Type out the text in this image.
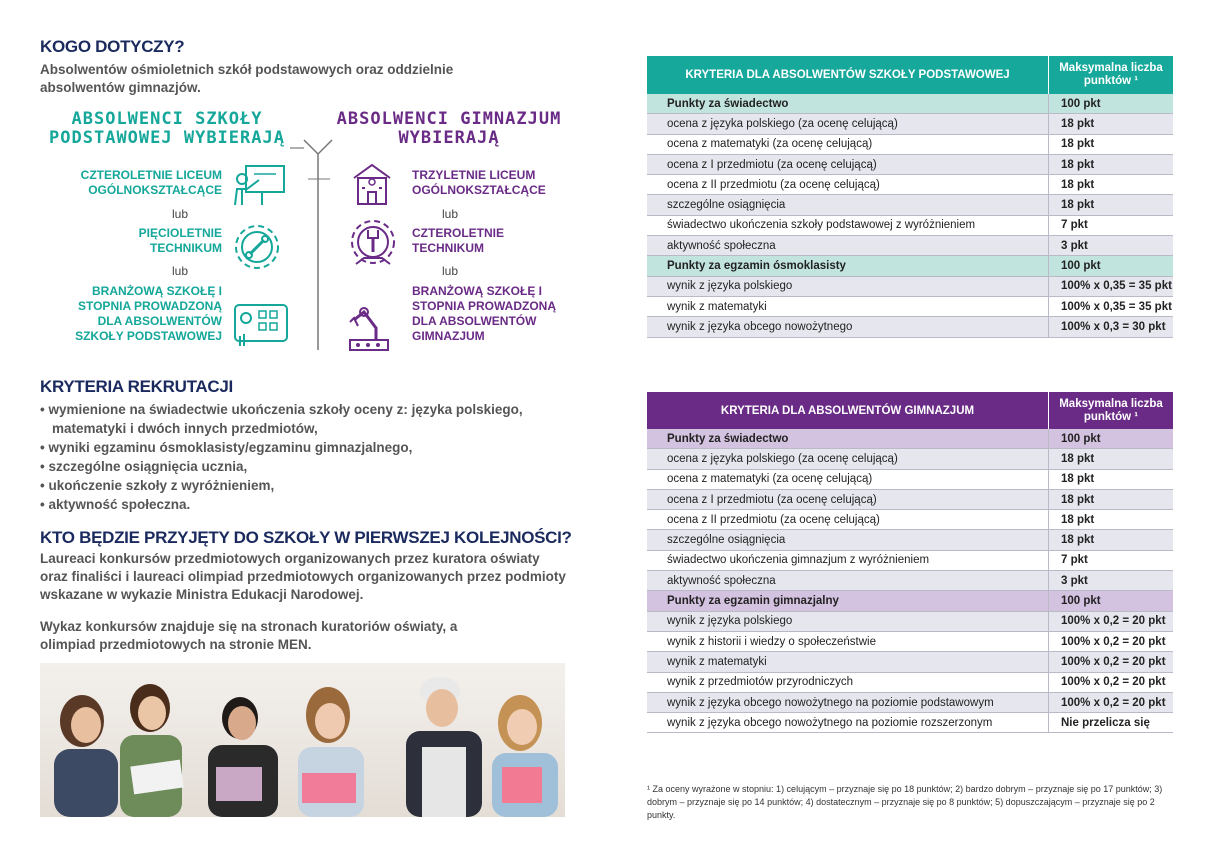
KOGO DOTYCZY?
Absolwentów ośmioletnich szkół podstawowych oraz oddzielnie absolwentów gimnazjów.
ABSOLWENCI SZKOŁY PODSTAWOWEJ WYBIERAJĄ
ABSOLWENCI GIMNAZJUM WYBIERAJĄ
CZTEROLETNIE LICEUM OGÓLNOKSZTAŁCĄCE
lub
PIĘCIOLETNIE TECHNIKUM
lub
BRANŻOWĄ SZKOŁĘ I STOPNIA PROWADZONĄ DLA ABSOLWENTÓW SZKOŁY PODSTAWOWEJ
TRZYLETNIE LICEUM OGÓLNOKSZTAŁCĄCE
lub
CZTEROLETNIE TECHNIKUM
lub
BRANŻOWĄ SZKOŁĘ I STOPNIA PROWADZONĄ DLA ABSOLWENTÓW GIMNAZJUM
KRYTERIA REKRUTACJI
• wymienione na świadectwie ukończenia szkoły oceny z: języka polskiego, matematyki i dwóch innych przedmiotów,
• wyniki egzaminu ósmoklasisty/egzaminu gimnazjalnego,
• szczególne osiągnięcia ucznia,
• ukończenie szkoły z wyróżnieniem,
• aktywność społeczna.
KTO BĘDZIE PRZYJĘTY DO SZKOŁY W PIERWSZEJ KOLEJNOŚCI?
Laureaci konkursów przedmiotowych organizowanych przez kuratora oświaty oraz finaliści i laureaci olimpiad przedmiotowych organizowanych przez podmioty wskazane w wykazie Ministra Edukacji Narodowej.
Wykaz konkursów znajduje się na stronach kuratoriów oświaty, a olimpiad przedmiotowych na stronie MEN.
KRYTERIA DLA ABSOLWENTÓW SZKOŁY PODSTAWOWEJ	Maksymalna liczba punktów ¹
Punkty za świadectwo	100 pkt
ocena z języka polskiego (za ocenę celującą)	18 pkt
ocena z matematyki (za ocenę celującą)	18 pkt
ocena z I przedmiotu (za ocenę celującą)	18 pkt
ocena z II przedmiotu (za ocenę celującą)	18 pkt
szczególne osiągnięcia	18 pkt
świadectwo ukończenia szkoły podstawowej z wyróżnieniem	7 pkt
aktywność społeczna	3 pkt
Punkty za egzamin ósmoklasisty	100 pkt
wynik z języka polskiego	100% x 0,35 = 35 pkt
wynik z matematyki	100% x 0,35 = 35 pkt
wynik z języka obcego nowożytnego	100% x 0,3 = 30 pkt
KRYTERIA DLA ABSOLWENTÓW GIMNAZJUM	Maksymalna liczba punktów ¹
Punkty za świadectwo	100 pkt
ocena z języka polskiego (za ocenę celującą)	18 pkt
ocena z matematyki (za ocenę celującą)	18 pkt
ocena z I przedmiotu (za ocenę celującą)	18 pkt
ocena z II przedmiotu (za ocenę celującą)	18 pkt
szczególne osiągnięcia	18 pkt
świadectwo ukończenia gimnazjum z wyróżnieniem	7 pkt
aktywność społeczna	3 pkt
Punkty za egzamin gimnazjalny	100 pkt
wynik z języka polskiego	100% x 0,2 = 20 pkt
wynik z historii i wiedzy o społeczeństwie	100% x 0,2 = 20 pkt
wynik z matematyki	100% x 0,2 = 20 pkt
wynik z przedmiotów przyrodniczych	100% x 0,2 = 20 pkt
wynik z języka obcego nowożytnego na poziomie podstawowym	100% x 0,2 = 20 pkt
wynik z języka obcego nowożytnego na poziomie rozszerzonym	Nie przelicza się
¹ Za oceny wyrażone w stopniu: 1) celującym – przyznaje się po 18 punktów; 2) bardzo dobrym – przyznaje się po 17 punktów; 3) dobrym – przyznaje się po 14 punktów; 4) dostatecznym – przyznaje się po 8 punktów; 5) dopuszczającym – przyznaje się po 2 punkty.
